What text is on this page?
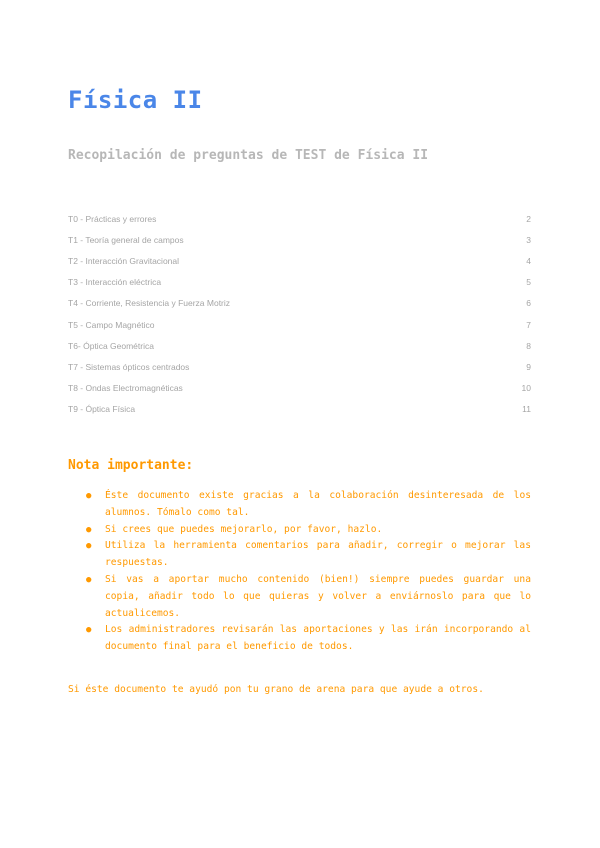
Física II
Recopilación de preguntas de TEST de Física II
T0 - Prácticas y errores	2
T1 - Teoría general de campos	3
T2 - Interacción Gravitacional	4
T3 - Interacción eléctrica	5
T4 - Corriente, Resistencia y Fuerza Motriz	6
T5 - Campo Magnético	7
T6- Óptica Geométrica	8
T7 - Sistemas ópticos centrados	9
T8 - Ondas Electromagnéticas	10
T9 - Óptica Física	11
Nota importante:
● Éste documento existe gracias a la colaboración desinteresada de los alumnos. Tómalo como tal.
● Si crees que puedes mejorarlo, por favor, hazlo.
● Utiliza la herramienta comentarios para añadir, corregir o mejorar las respuestas.
● Si vas a aportar mucho contenido (bien!) siempre puedes guardar una copia, añadir todo lo que quieras y volver a enviárnoslo para que lo actualicemos.
● Los administradores revisarán las aportaciones y las irán incorporando al documento final para el beneficio de todos.

Si éste documento te ayudó pon tu grano de arena para que ayude a otros.
